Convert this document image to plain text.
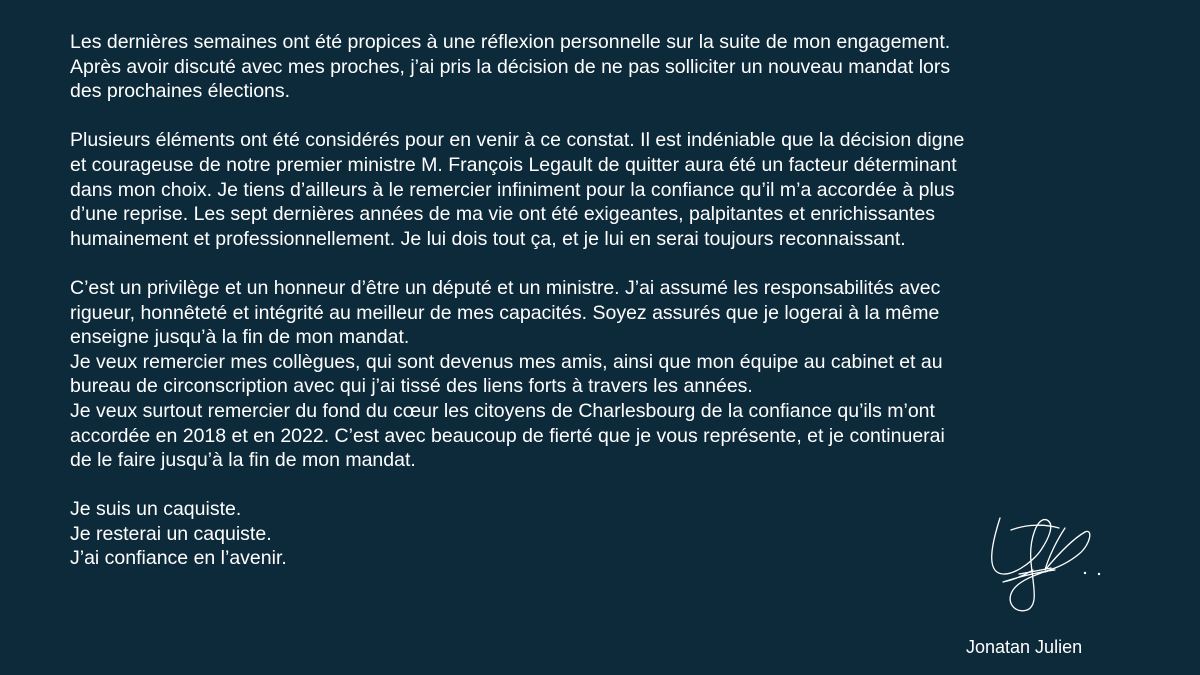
Les dernières semaines ont été propices à une réflexion personnelle sur la suite de mon engagement.
Après avoir discuté avec mes proches, j’ai pris la décision de ne pas solliciter un nouveau mandat lors
des prochaines élections.

Plusieurs éléments ont été considérés pour en venir à ce constat. Il est indéniable que la décision digne
et courageuse de notre premier ministre M. François Legault de quitter aura été un facteur déterminant
dans mon choix. Je tiens d’ailleurs à le remercier infiniment pour la confiance qu’il m’a accordée à plus
d’une reprise. Les sept dernières années de ma vie ont été exigeantes, palpitantes et enrichissantes
humainement et professionnellement. Je lui dois tout ça, et je lui en serai toujours reconnaissant.

C’est un privilège et un honneur d’être un député et un ministre. J’ai assumé les responsabilités avec
rigueur, honnêteté et intégrité au meilleur de mes capacités. Soyez assurés que je logerai à la même
enseigne jusqu’à la fin de mon mandat.
Je veux remercier mes collègues, qui sont devenus mes amis, ainsi que mon équipe au cabinet et au
bureau de circonscription avec qui j’ai tissé des liens forts à travers les années.
Je veux surtout remercier du fond du cœur les citoyens de Charlesbourg de la confiance qu’ils m’ont
accordée en 2018 et en 2022. C’est avec beaucoup de fierté que je vous représente, et je continuerai
de le faire jusqu’à la fin de mon mandat.

Je suis un caquiste.
Je resterai un caquiste.
J’ai confiance en l’avenir.

Jonatan Julien
